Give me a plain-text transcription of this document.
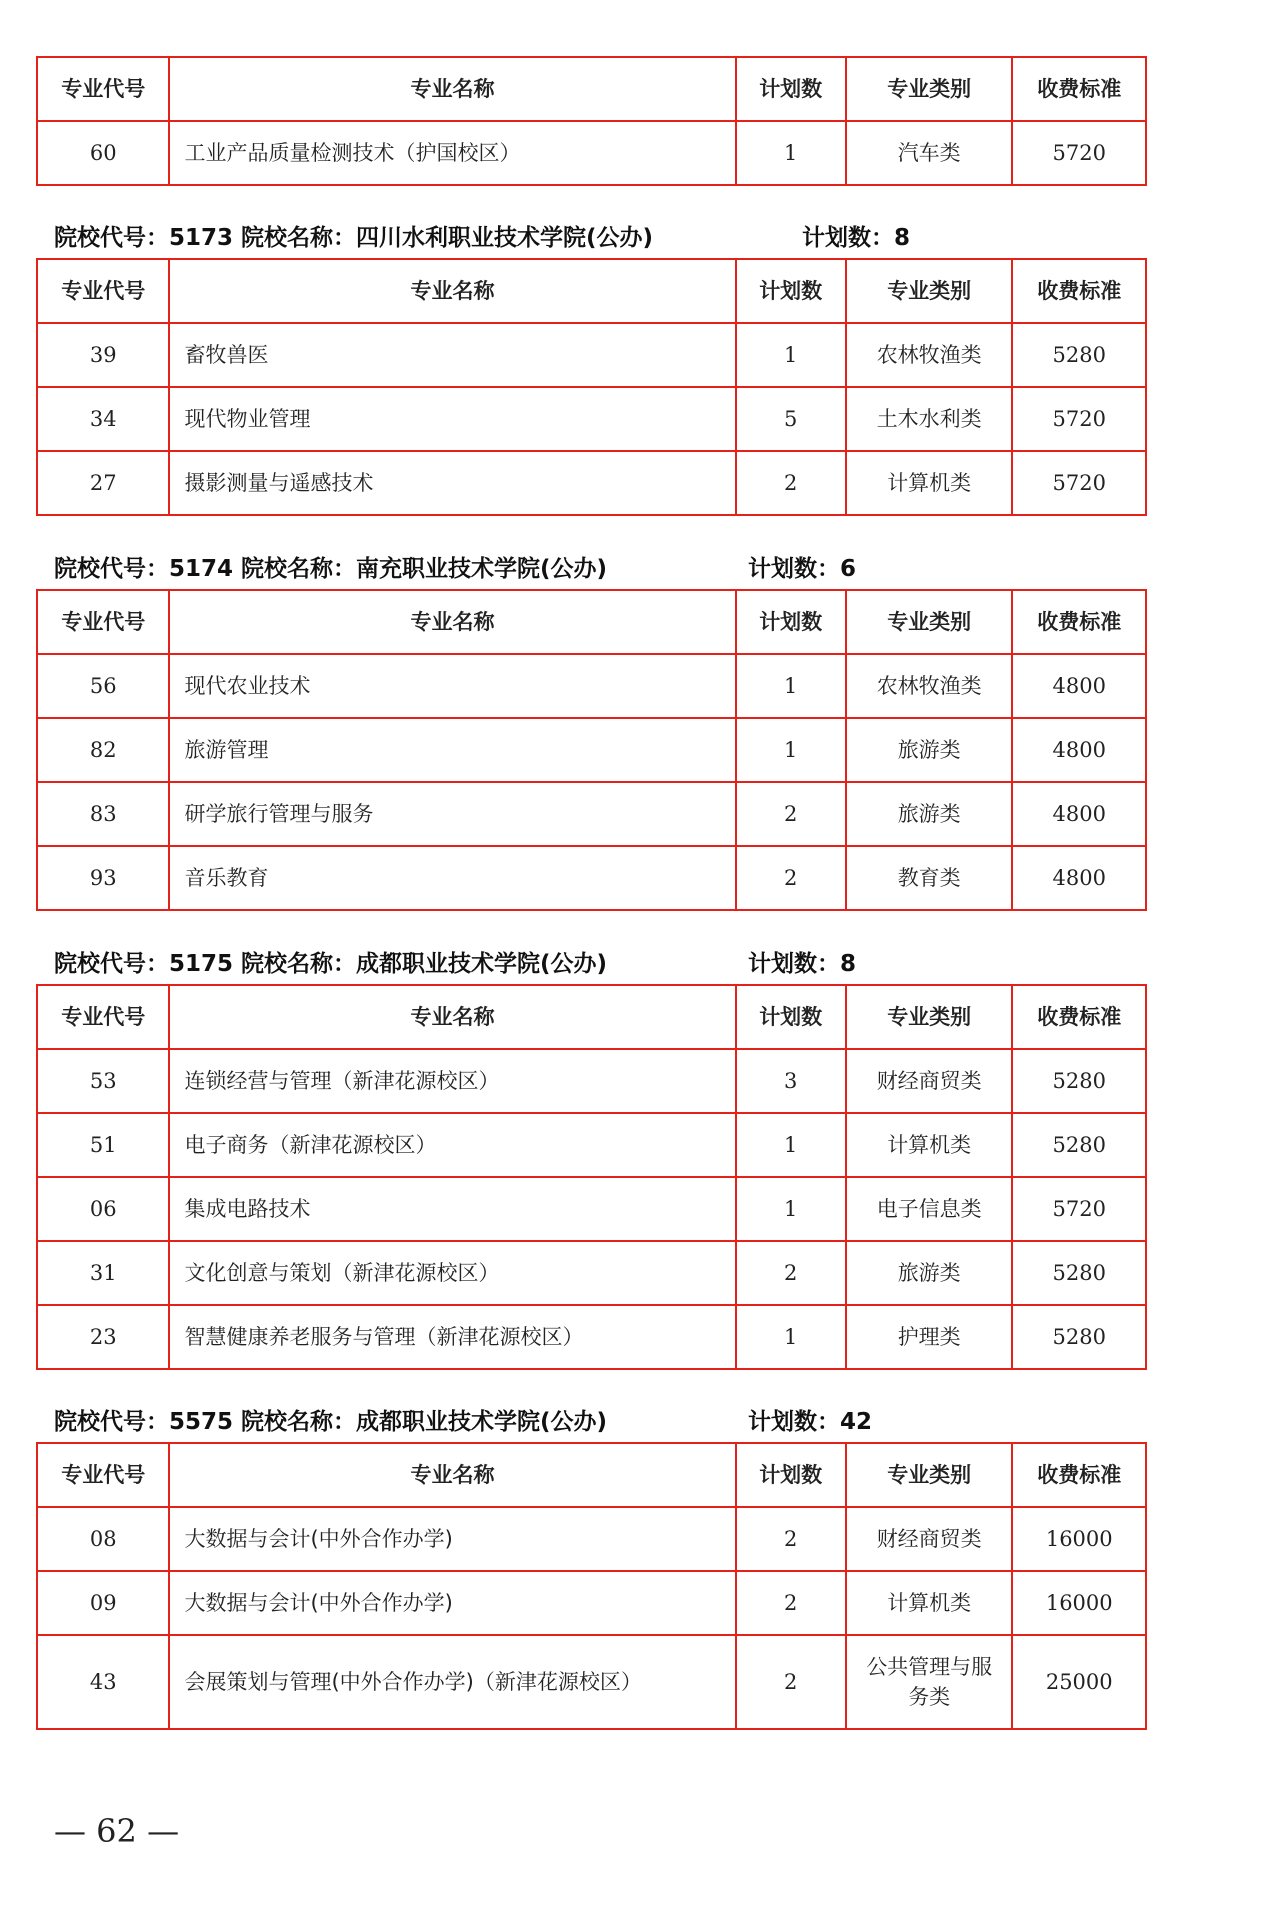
专业代号	专业名称	计划数	专业类别	收费标准
60	工业产品质量检测技术（护国校区）	1	汽车类	5720
院校代号：5173 院校名称：四川水利职业技术学院(公办)	计划数：8
专业代号	专业名称	计划数	专业类别	收费标准
39	畜牧兽医	1	农林牧渔类	5280
34	现代物业管理	5	土木水利类	5720
27	摄影测量与遥感技术	2	计算机类	5720
院校代号：5174 院校名称：南充职业技术学院(公办)	计划数：6
专业代号	专业名称	计划数	专业类别	收费标准
56	现代农业技术	1	农林牧渔类	4800
82	旅游管理	1	旅游类	4800
83	研学旅行管理与服务	2	旅游类	4800
93	音乐教育	2	教育类	4800
院校代号：5175 院校名称：成都职业技术学院(公办)	计划数：8
专业代号	专业名称	计划数	专业类别	收费标准
53	连锁经营与管理（新津花源校区）	3	财经商贸类	5280
51	电子商务（新津花源校区）	1	计算机类	5280
06	集成电路技术	1	电子信息类	5720
31	文化创意与策划（新津花源校区）	2	旅游类	5280
23	智慧健康养老服务与管理（新津花源校区）	1	护理类	5280
院校代号：5575 院校名称：成都职业技术学院(公办)	计划数：42
专业代号	专业名称	计划数	专业类别	收费标准
08	大数据与会计(中外合作办学)	2	财经商贸类	16000
09	大数据与会计(中外合作办学)	2	计算机类	16000
43	会展策划与管理(中外合作办学)（新津花源校区）	2	公共管理与服务类	25000
— 62 —
